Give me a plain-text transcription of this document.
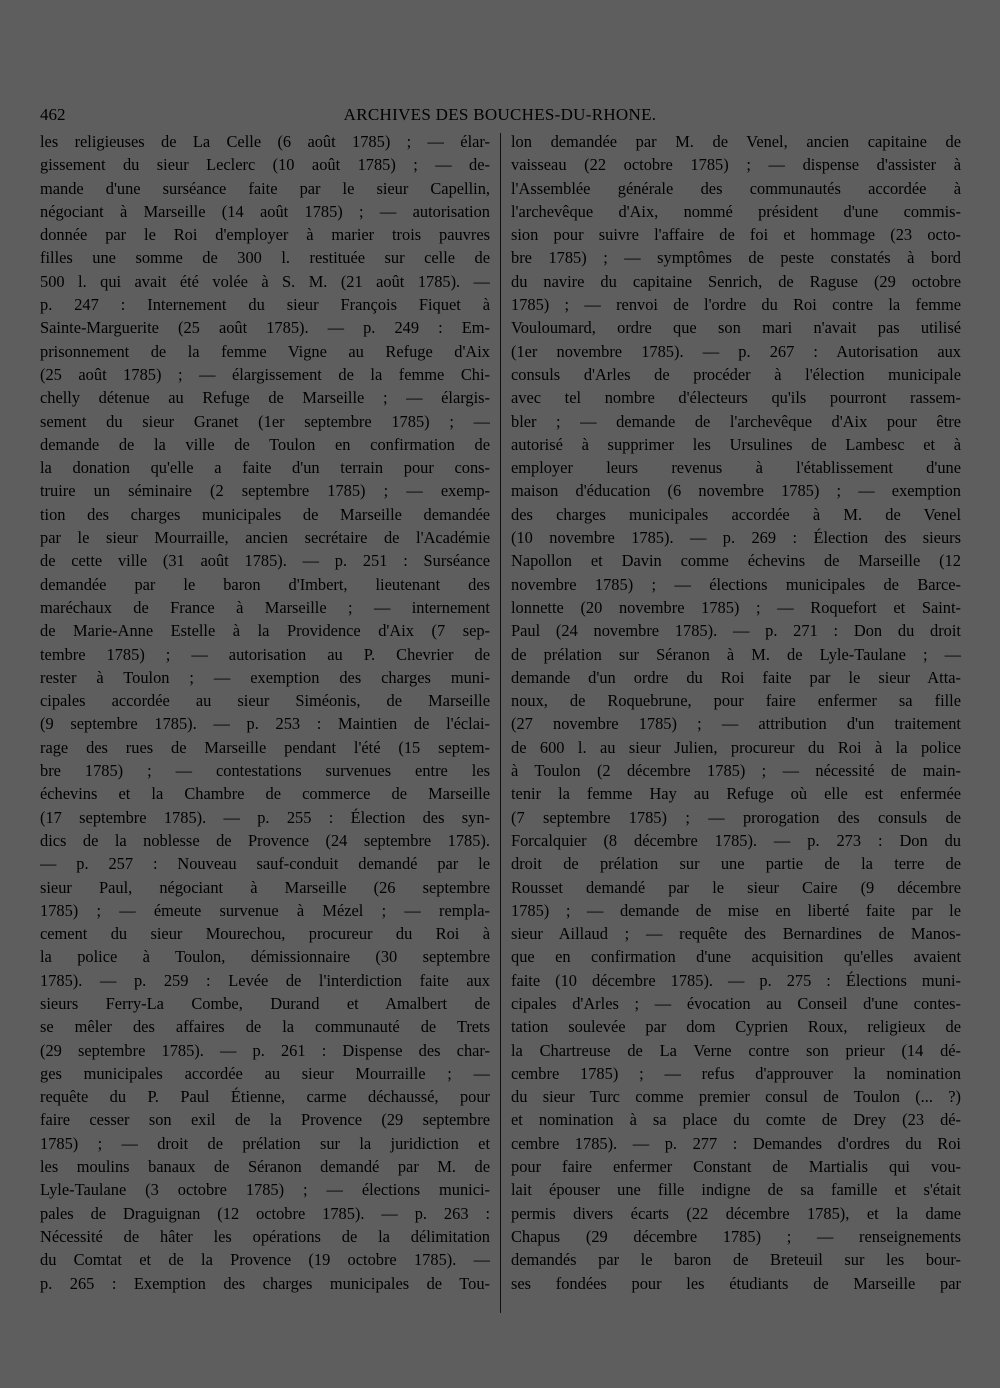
462	ARCHIVES DES BOUCHES-DU-RHONE.
les religieuses de La Celle (6 août 1785) ; — élar-
gissement du sieur Leclerc (10 août 1785) ; — de-
mande d'une surséance faite par le sieur Capellin,
négociant à Marseille (14 août 1785) ; — autorisation
donnée par le Roi d'employer à marier trois pauvres
filles une somme de 300 l. restituée sur celle de
500 l. qui avait été volée à S. M. (21 août 1785). —
p. 247 : Internement du sieur François Fiquet à
Sainte-Marguerite (25 août 1785). — p. 249 : Em-
prisonnement de la femme Vigne au Refuge d'Aix
(25 août 1785) ; — élargissement de la femme Chi-
chelly détenue au Refuge de Marseille ; — élargis-
sement du sieur Granet (1er septembre 1785) ; —
demande de la ville de Toulon en confirmation de
la donation qu'elle a faite d'un terrain pour cons-
truire un séminaire (2 septembre 1785) ; — exemp-
tion des charges municipales de Marseille demandée
par le sieur Mourraille, ancien secrétaire de l'Académie
de cette ville (31 août 1785). — p. 251 : Surséance
demandée par le baron d'Imbert, lieutenant des
maréchaux de France à Marseille ; — internement
de Marie-Anne Estelle à la Providence d'Aix (7 sep-
tembre 1785) ; — autorisation au P. Chevrier de
rester à Toulon ; — exemption des charges muni-
cipales accordée au sieur Siméonis, de Marseille
(9 septembre 1785). — p. 253 : Maintien de l'éclai-
rage des rues de Marseille pendant l'été (15 septem-
bre 1785) ; — contestations survenues entre les
échevins et la Chambre de commerce de Marseille
(17 septembre 1785). — p. 255 : Élection des syn-
dics de la noblesse de Provence (24 septembre 1785).
— p. 257 : Nouveau sauf-conduit demandé par le
sieur Paul, négociant à Marseille (26 septembre
1785) ; — émeute survenue à Mézel ; — rempla-
cement du sieur Mourechou, procureur du Roi à
la police à Toulon, démissionnaire (30 septembre
1785). — p. 259 : Levée de l'interdiction faite aux
sieurs Ferry-La Combe, Durand et Amalbert de
se mêler des affaires de la communauté de Trets
(29 septembre 1785). — p. 261 : Dispense des char-
ges municipales accordée au sieur Mourraille ; —
requête du P. Paul Étienne, carme déchaussé, pour
faire cesser son exil de la Provence (29 septembre
1785) ; — droit de prélation sur la juridiction et
les moulins banaux de Séranon demandé par M. de
Lyle-Taulane (3 octobre 1785) ; — élections munici-
pales de Draguignan (12 octobre 1785). — p. 263 :
Nécessité de hâter les opérations de la délimitation
du Comtat et de la Provence (19 octobre 1785). —
p. 265 : Exemption des charges municipales de Tou-
lon demandée par M. de Venel, ancien capitaine de
vaisseau (22 octobre 1785) ; — dispense d'assister à
l'Assemblée générale des communautés accordée à
l'archevêque d'Aix, nommé président d'une commis-
sion pour suivre l'affaire de foi et hommage (23 octo-
bre 1785) ; — symptômes de peste constatés à bord
du navire du capitaine Senrich, de Raguse (29 octobre
1785) ; — renvoi de l'ordre du Roi contre la femme
Vouloumard, ordre que son mari n'avait pas utilisé
(1er novembre 1785). — p. 267 : Autorisation aux
consuls d'Arles de procéder à l'élection municipale
avec tel nombre d'électeurs qu'ils pourront rassem-
bler ; — demande de l'archevêque d'Aix pour être
autorisé à supprimer les Ursulines de Lambesc et à
employer leurs revenus à l'établissement d'une
maison d'éducation (6 novembre 1785) ; — exemption
des charges municipales accordée à M. de Venel
(10 novembre 1785). — p. 269 : Élection des sieurs
Napollon et Davin comme échevins de Marseille (12
novembre 1785) ; — élections municipales de Barce-
lonnette (20 novembre 1785) ; — Roquefort et Saint-
Paul (24 novembre 1785). — p. 271 : Don du droit
de prélation sur Séranon à M. de Lyle-Taulane ; —
demande d'un ordre du Roi faite par le sieur Atta-
noux, de Roquebrune, pour faire enfermer sa fille
(27 novembre 1785) ; — attribution d'un traitement
de 600 l. au sieur Julien, procureur du Roi à la police
à Toulon (2 décembre 1785) ; — nécessité de main-
tenir la femme Hay au Refuge où elle est enfermée
(7 septembre 1785) ; — prorogation des consuls de
Forcalquier (8 décembre 1785). — p. 273 : Don du
droit de prélation sur une partie de la terre de
Rousset demandé par le sieur Caire (9 décembre
1785) ; — demande de mise en liberté faite par le
sieur Aillaud ; — requête des Bernardines de Manos-
que en confirmation d'une acquisition qu'elles avaient
faite (10 décembre 1785). — p. 275 : Élections muni-
cipales d'Arles ; — évocation au Conseil d'une contes-
tation soulevée par dom Cyprien Roux, religieux de
la Chartreuse de La Verne contre son prieur (14 dé-
cembre 1785) ; — refus d'approuver la nomination
du sieur Turc comme premier consul de Toulon (... ?)
et nomination à sa place du comte de Drey (23 dé-
cembre 1785). — p. 277 : Demandes d'ordres du Roi
pour faire enfermer Constant de Martialis qui vou-
lait épouser une fille indigne de sa famille et s'était
permis divers écarts (22 décembre 1785), et la dame
Chapus (29 décembre 1785) ; — renseignements
demandés par le baron de Breteuil sur les bour-
ses fondées pour les étudiants de Marseille par
